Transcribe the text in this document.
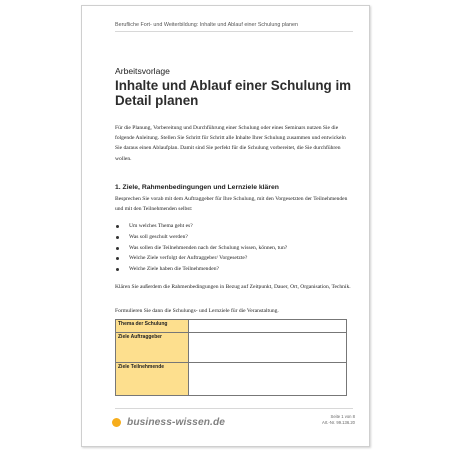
Berufliche Fort- und Weiterbildung: Inhalte und Ablauf einer Schulung planen
Arbeitsvorlage
Inhalte und Ablauf einer Schulung im Detail planen
Für die Planung, Vorbereitung und Durchführung einer Schulung oder eines Seminars nutzen Sie die folgende Anleitung. Stellen Sie Schritt für Schritt alle Inhalte Ihrer Schulung zusammen und entwickeln Sie daraus einen Ablaufplan. Damit sind Sie perfekt für die Schulung vorbereitet, die Sie durchführen wollen.
1. Ziele, Rahmenbedingungen und Lernziele klären
Besprechen Sie vorab mit dem Auftraggeber für Ihre Schulung, mit den Vorgesetzten der Teilnehmenden und mit den Teilnehmenden selbst:
Um welches Thema geht es?
Was soll geschult werden?
Was sollen die Teilnehmenden nach der Schulung wissen, können, tun?
Welche Ziele verfolgt der Auftraggeber/ Vorgesetzte?
Welche Ziele haben die Teilnehmenden?
Klären Sie außerdem die Rahmenbedingungen in Bezug auf Zeitpunkt, Dauer, Ort, Organisation, Technik.
Formulieren Sie dann die Schulungs- und Lernziele für die Veranstaltung.
Thema der Schulung	
Ziele Auftraggeber	
Ziele Teilnehmende	
business-wissen.de
Seite 1 von 8
Art.-Nr. 99.136.20
